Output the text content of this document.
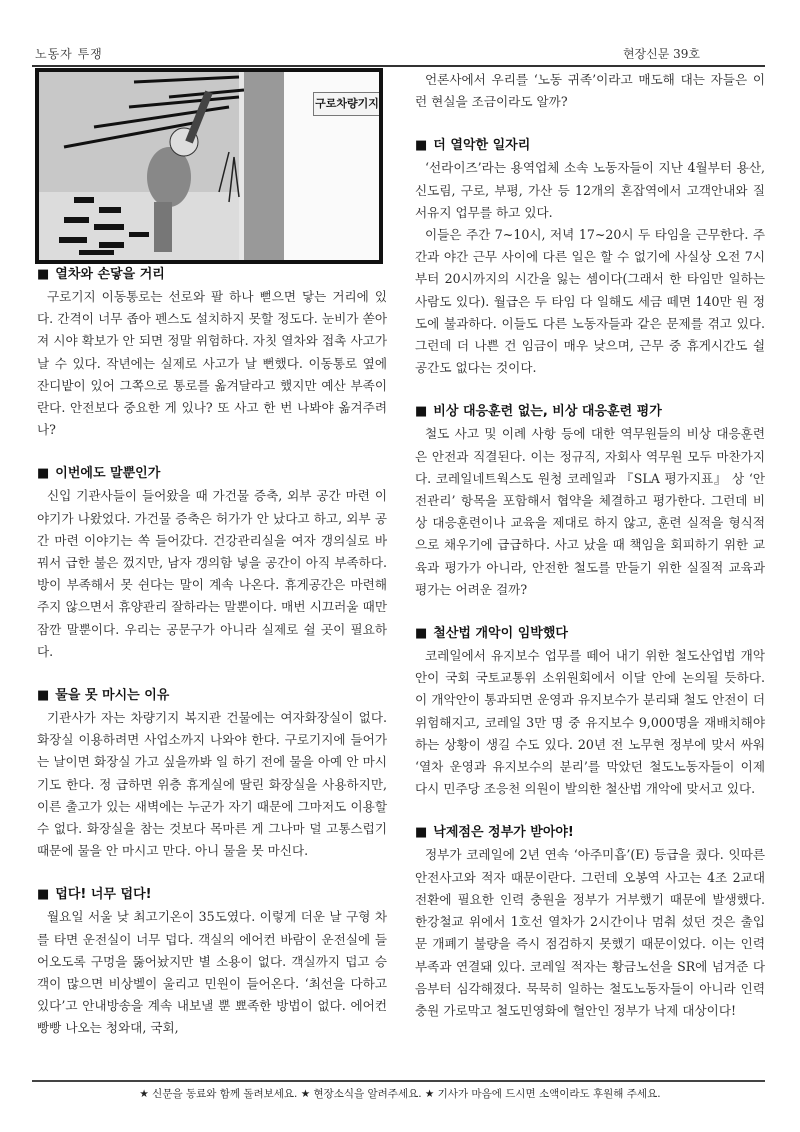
노동자 투쟁	현장신문 39호
구로차량기지
■ 열차와 손닿을 거리

구로기지 이동통로는 선로와 팔 하나 뻗으면 닿는 거리에 있다. 간격이 너무 좁아 펜스도 설치하지 못할 정도다. 눈비가 쏟아져 시야 확보가 안 되면 정말 위험하다. 자칫 열차와 접촉 사고가 날 수 있다. 작년에는 실제로 사고가 날 뻔했다. 이동통로 옆에 잔디밭이 있어 그쪽으로 통로를 옮겨달라고 했지만 예산 부족이란다. 안전보다 중요한 게 있나? 또 사고 한 번 나봐야 옮겨주려나?

■ 이번에도 말뿐인가

신입 기관사들이 들어왔을 때 가건물 증축, 외부 공간 마련 이야기가 나왔었다. 가건물 증축은 허가가 안 났다고 하고, 외부 공간 마련 이야기는 쏙 들어갔다. 건강관리실을 여자 갱의실로 바꿔서 급한 불은 껐지만, 남자 갱의함 넣을 공간이 아직 부족하다. 방이 부족해서 못 쉰다는 말이 계속 나온다. 휴게공간은 마련해주지 않으면서 휴양관리 잘하라는 말뿐이다. 매번 시끄러울 때만 잠깐 말뿐이다. 우리는 공문구가 아니라 실제로 쉴 곳이 필요하다.

■ 물을 못 마시는 이유

기관사가 자는 차량기지 복지관 건물에는 여자화장실이 없다. 화장실 이용하려면 사업소까지 나와야 한다. 구로기지에 들어가는 날이면 화장실 가고 싶을까봐 일 하기 전에 물을 아예 안 마시기도 한다. 정 급하면 위층 휴게실에 딸린 화장실을 사용하지만, 이른 출고가 있는 새벽에는 누군가 자기 때문에 그마저도 이용할 수 없다. 화장실을 참는 것보다 목마른 게 그나마 덜 고통스럽기 때문에 물을 안 마시고 만다. 아니 물을 못 마신다.

■ 덥다! 너무 덥다!

월요일 서울 낮 최고기온이 35도였다. 이렇게 더운 날 구형 차를 타면 운전실이 너무 덥다. 객실의 에어컨 바람이 운전실에 들어오도록 구멍을 뚫어놨지만 별 소용이 없다. 객실까지 덥고 승객이 많으면 비상벨이 울리고 민원이 들어온다. ‘최선을 다하고 있다’고 안내방송을 계속 내보낼 뿐 뾰족한 방법이 없다. 에어컨 빵빵 나오는 청와대, 국회,

언론사에서 우리를 ‘노동 귀족’이라고 매도해 대는 자들은 이런 현실을 조금이라도 알까?

■ 더 열악한 일자리

‘선라이즈’라는 용역업체 소속 노동자들이 지난 4월부터 용산, 신도림, 구로, 부평, 가산 등 12개의 혼잡역에서 고객안내와 질서유지 업무를 하고 있다.

이들은 주간 7~10시, 저녁 17~20시 두 타임을 근무한다. 주간과 야간 근무 사이에 다른 일은 할 수 없기에 사실상 오전 7시부터 20시까지의 시간을 잃는 셈이다(그래서 한 타임만 일하는 사람도 있다). 월급은 두 타임 다 일해도 세금 떼면 140만 원 정도에 불과하다. 이들도 다른 노동자들과 같은 문제를 겪고 있다. 그런데 더 나쁜 건 임금이 매우 낮으며, 근무 중 휴게시간도 쉴 공간도 없다는 것이다.

■ 비상 대응훈련 없는, 비상 대응훈련 평가

철도 사고 및 이례 사항 등에 대한 역무원들의 비상 대응훈련은 안전과 직결된다. 이는 정규직, 자회사 역무원 모두 마찬가지다. 코레일네트웍스도 원청 코레일과 『SLA 평가지표』 상 ‘안전관리’ 항목을 포함해서 협약을 체결하고 평가한다. 그런데 비상 대응훈련이나 교육을 제대로 하지 않고, 훈련 실적을 형식적으로 채우기에 급급하다. 사고 났을 때 책임을 회피하기 위한 교육과 평가가 아니라, 안전한 철도를 만들기 위한 실질적 교육과 평가는 어려운 걸까?

■ 철산법 개악이 임박했다

코레일에서 유지보수 업무를 떼어 내기 위한 철도산업법 개악안이 국회 국토교통위 소위원회에서 이달 안에 논의될 듯하다. 이 개악안이 통과되면 운영과 유지보수가 분리돼 철도 안전이 더 위험해지고, 코레일 3만 명 중 유지보수 9,000명을 재배치해야 하는 상황이 생길 수도 있다. 20년 전 노무현 정부에 맞서 싸워 ‘열차 운영과 유지보수의 분리’를 막았던 철도노동자들이 이제 다시 민주당 조응천 의원이 발의한 철산법 개악에 맞서고 있다.

■ 낙제점은 정부가 받아야!

정부가 코레일에 2년 연속 ‘아주미흡’(E) 등급을 줬다. 잇따른 안전사고와 적자 때문이란다. 그런데 오봉역 사고는 4조 2교대 전환에 필요한 인력 충원을 정부가 거부했기 때문에 발생했다. 한강철교 위에서 1호선 열차가 2시간이나 멈춰 섰던 것은 출입문 개폐기 불량을 즉시 점검하지 못했기 때문이었다. 이는 인력부족과 연결돼 있다. 코레일 적자는 황금노선을 SR에 넘겨준 다음부터 심각해졌다. 묵묵히 일하는 철도노동자들이 아니라 인력충원 가로막고 철도민영화에 혈안인 정부가 낙제 대상이다!

★ 신문을 동료와 함께 돌려보세요. ★ 현장소식을 알려주세요. ★ 기사가 마음에 드시면 소액이라도 후원해 주세요.
